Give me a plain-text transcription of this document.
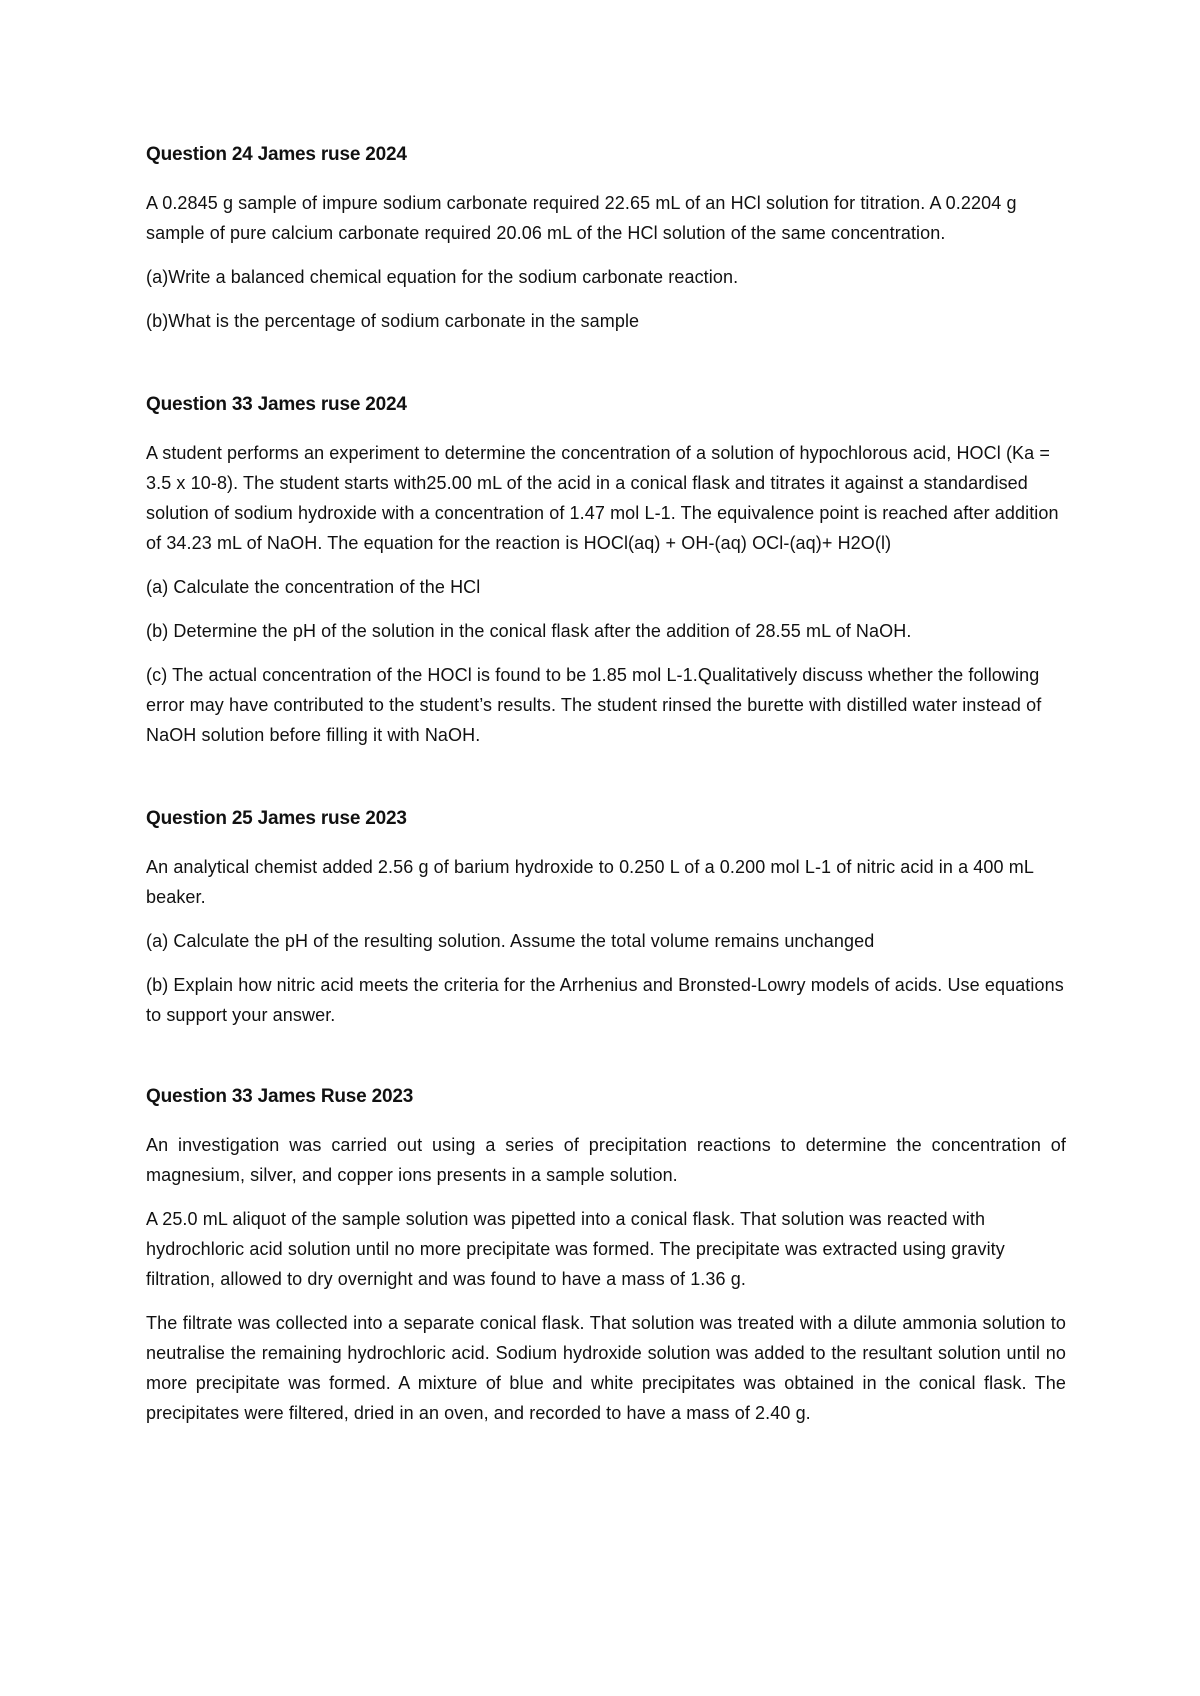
Question 24 James ruse 2024
A 0.2845 g sample of impure sodium carbonate required 22.65 mL of an HCl solution for titration. A 0.2204 g sample of pure calcium carbonate required 20.06 mL of the HCl solution of the same concentration.
(a)Write a balanced chemical equation for the sodium carbonate reaction.
(b)What is the percentage of sodium carbonate in the sample
Question 33 James ruse 2024
A student performs an experiment to determine the concentration of a solution of hypochlorous acid, HOCl (Ka = 3.5 x 10-8). The student starts with25.00 mL of the acid in a conical flask and titrates it against a standardised solution of sodium hydroxide with a concentration of 1.47 mol L-1. The equivalence point is reached after addition of 34.23 mL of NaOH. The equation for the reaction is HOCl(aq) + OH-(aq) OCl-(aq)+ H2O(l)
(a) Calculate the concentration of the HCl
(b) Determine the pH of the solution in the conical flask after the addition of 28.55 mL of NaOH.
(c) The actual concentration of the HOCl is found to be 1.85 mol L-1.Qualitatively discuss whether the following error may have contributed to the student’s results. The student rinsed the burette with distilled water instead of NaOH solution before filling it with NaOH.
Question 25 James ruse 2023
An analytical chemist added 2.56 g of barium hydroxide to 0.250 L of a 0.200 mol L-1 of nitric acid in a 400 mL beaker.
(a) Calculate the pH of the resulting solution. Assume the total volume remains unchanged
(b) Explain how nitric acid meets the criteria for the Arrhenius and Bronsted-Lowry models of acids. Use equations to support your answer.
Question 33 James Ruse 2023
An investigation was carried out using a series of precipitation reactions to determine the concentration of magnesium, silver, and copper ions presents in a sample solution.
A 25.0 mL aliquot of the sample solution was pipetted into a conical flask. That solution was reacted with hydrochloric acid solution until no more precipitate was formed. The precipitate was extracted using gravity filtration, allowed to dry overnight and was found to have a mass of 1.36 g.
The filtrate was collected into a separate conical flask. That solution was treated with a dilute ammonia solution to neutralise the remaining hydrochloric acid. Sodium hydroxide solution was added to the resultant solution until no more precipitate was formed. A mixture of blue and white precipitates was obtained in the conical flask. The precipitates were filtered, dried in an oven, and recorded to have a mass of 2.40 g.
